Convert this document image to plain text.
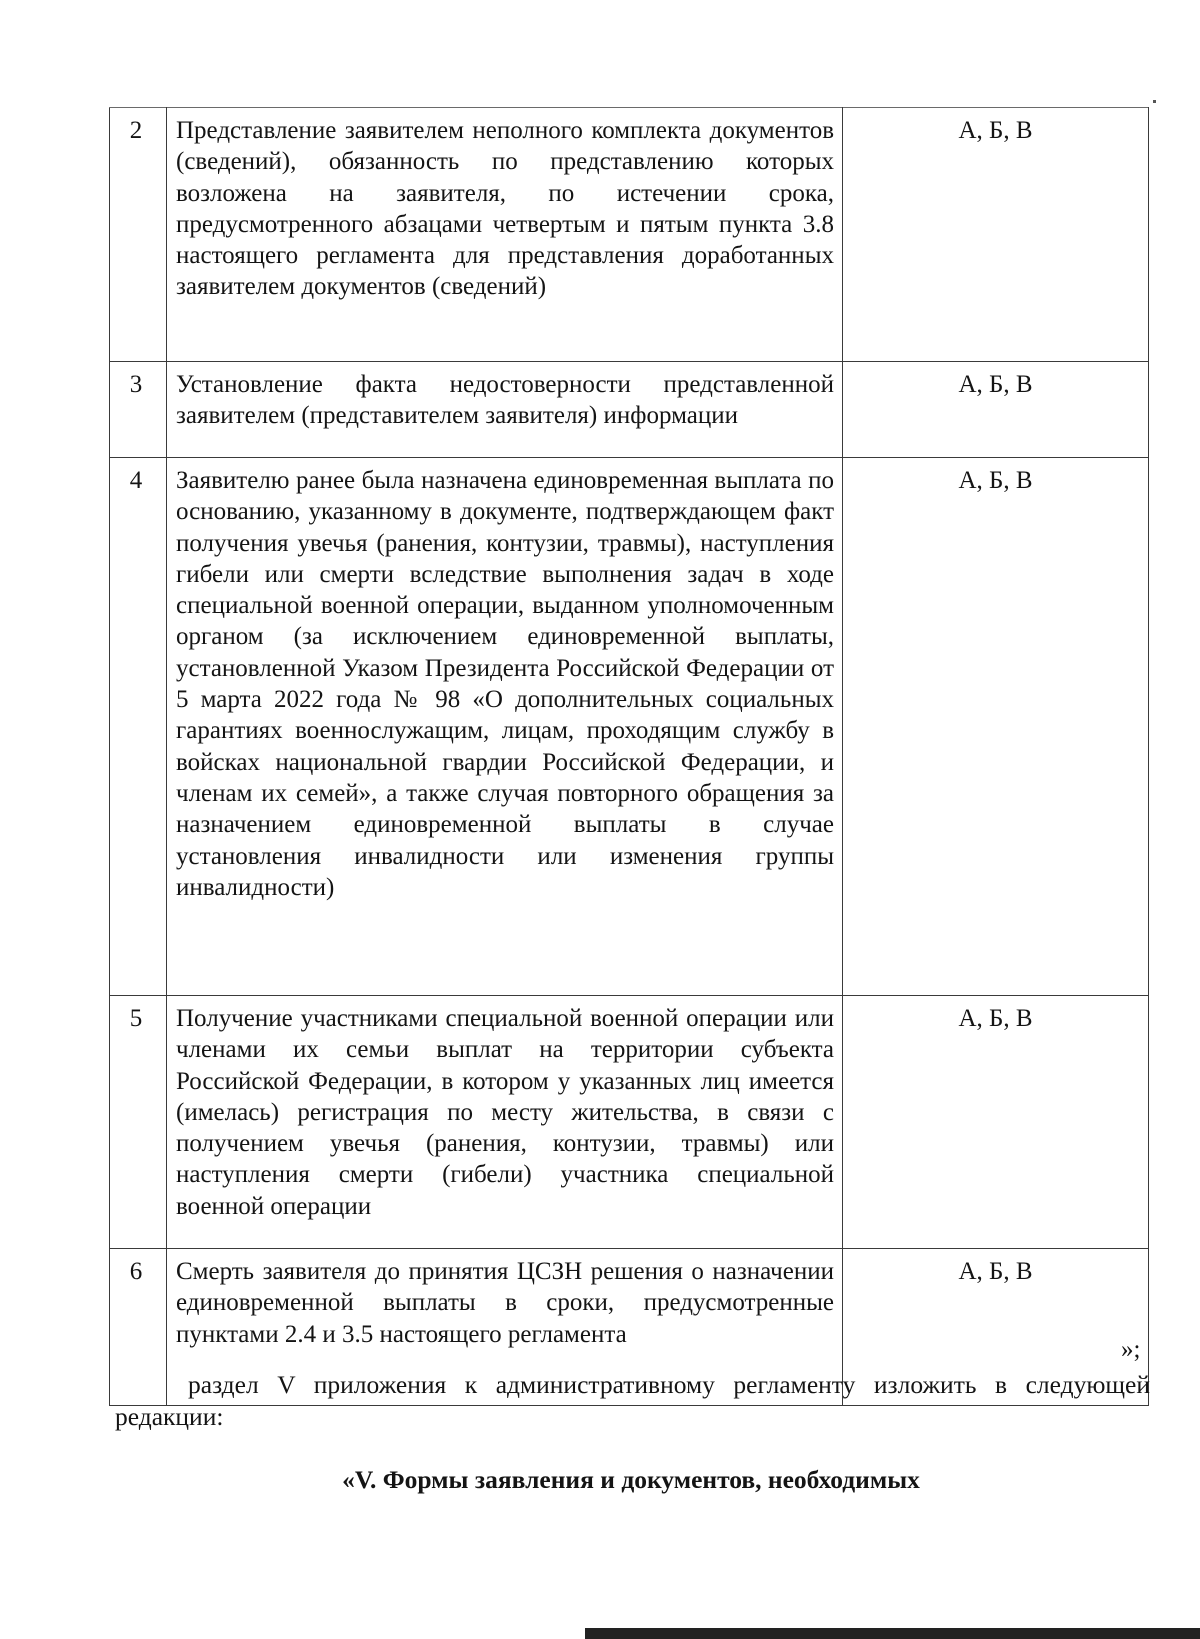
2	Представление заявителем неполного комплекта документов (сведений), обязанность по представлению которых возложена на заявителя, по истечении срока, предусмотренного абзацами четвертым и пятым пункта 3.8 настоящего регламента для представления доработанных заявителем документов (сведений)	А, Б, В
3	Установление факта недостоверности представленной заявителем (представителем заявителя) информации	А, Б, В
4	Заявителю ранее была назначена единовременная выплата по основанию, указанному в документе, подтверждающем факт получения увечья (ранения, контузии, травмы), наступления гибели или смерти вследствие выполнения задач в ходе специальной военной операции, выданном уполномоченным органом (за исключением единовременной выплаты, установленной Указом Президента Российской Федерации от 5 марта 2022 года № 98 «О дополнительных социальных гарантиях военнослужащим, лицам, проходящим службу в войсках национальной гвардии Российской Федерации, и членам их семей», а также случая повторного обращения за назначением единовременной выплаты в случае установления инвалидности или изменения группы инвалидности)	А, Б, В
5	Получение участниками специальной военной операции или членами их семьи выплат на территории субъекта Российской Федерации, в котором у указанных лиц имеется (имелась) регистрация по месту жительства, в связи с получением увечья (ранения, контузии, травмы) или наступления смерти (гибели) участника специальной военной операции	А, Б, В
6	Смерть заявителя до принятия ЦСЗН решения о назначении единовременной выплаты в сроки, предусмотренные пунктами 2.4 и 3.5 настоящего регламента	А, Б, В
»;

раздел V приложения к административному регламенту изложить в следующей редакции:

«V. Формы заявления и документов, необходимых
